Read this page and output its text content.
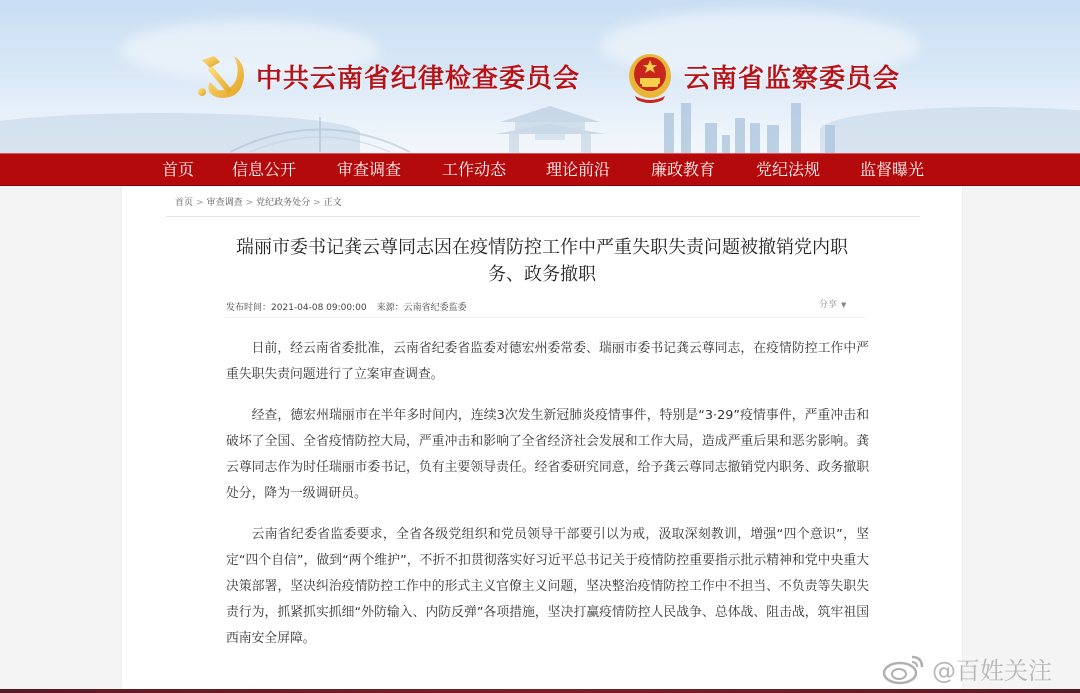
中共云南省纪律检查委员会	云南省监察委员会
首页 信息公开	审查调查	工作动态 理论前沿	廉政教育	党纪法规 监督曝光
首页 > 审查调查 > 党纪政务处分 > 正文
瑞丽市委书记龚云尊同志因在疫情防控工作中严重失职失责问题被撤销党内职务、政务撤职
发布时间：2021-04-08 09:00:00 来源：云南省纪委监委	分享 ▼

日前，经云南省委批准，云南省纪委省监委对德宏州委常委、瑞丽市委书记龚云尊同志，在疫情防控工作中严重失职失责问题进行了立案审查调查。

经查，德宏州瑞丽市在半年多时间内，连续3次发生新冠肺炎疫情事件，特别是“3·29”疫情事件，严重冲击和破坏了全国、全省疫情防控大局，严重冲击和影响了全省经济社会发展和工作大局，造成严重后果和恶劣影响。龚云尊同志作为时任瑞丽市委书记，负有主要领导责任。经省委研究同意，给予龚云尊同志撤销党内职务、政务撤职处分，降为一级调研员。

云南省纪委省监委要求，全省各级党组织和党员领导干部要引以为戒，汲取深刻教训，增强“四个意识”，坚定“四个自信”，做到“两个维护”，不折不扣贯彻落实好习近平总书记关于疫情防控重要指示批示精神和党中央重大决策部署，坚决纠治疫情防控工作中的形式主义官僚主义问题，坚决整治疫情防控工作中不担当、不负责等失职失责行为，抓紧抓实抓细“外防输入、内防反弹”各项措施，坚决打赢疫情防控人民战争、总体战、阻击战，筑牢祖国西南安全屏障。

@百姓关注
